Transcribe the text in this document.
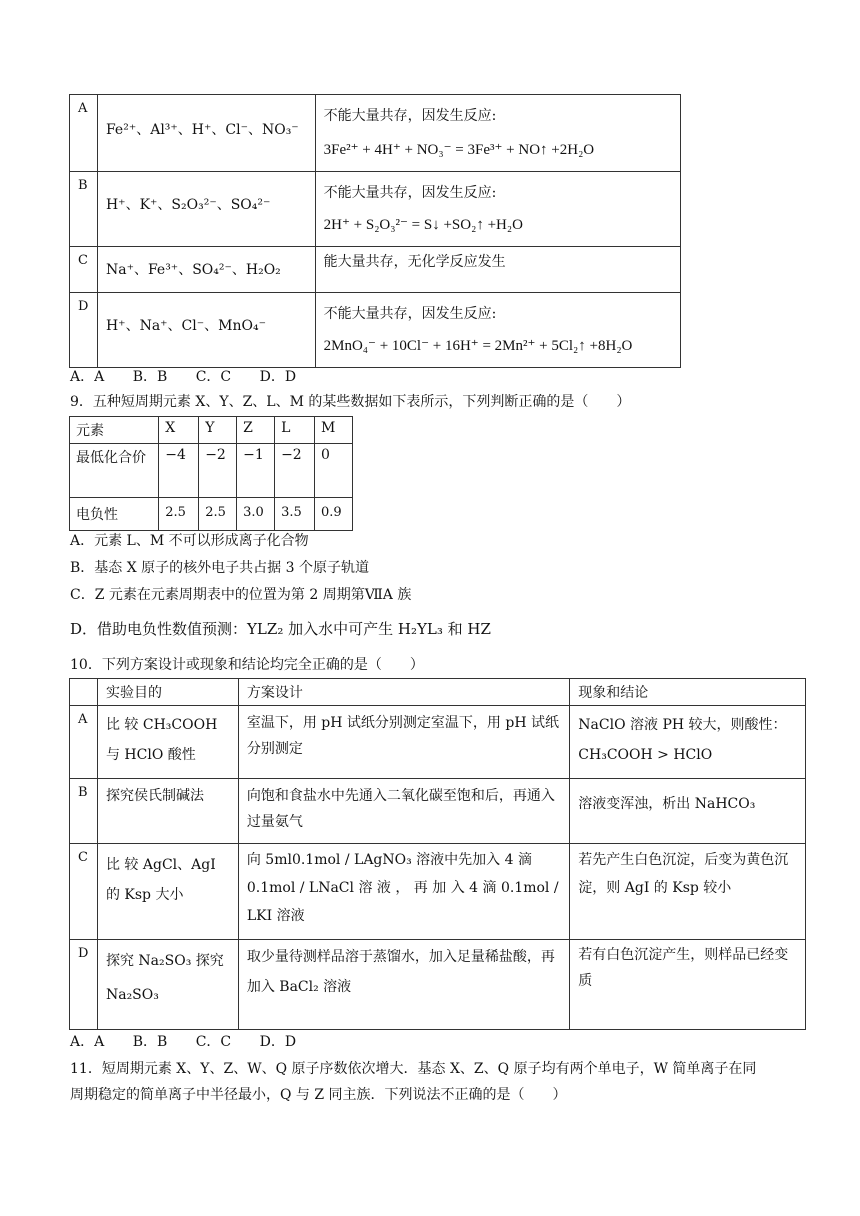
A	Fe²⁺、Al³⁺、H⁺、Cl⁻、NO₃⁻	不能大量共存，因发生反应:
3Fe²⁺ + 4H⁺ + NO₃⁻ = 3Fe³⁺ + NO↑ +2H₂O

B	H⁺、K⁺、S₂O₃²⁻、SO₄²⁻	不能大量共存，因发生反应:
2H⁺ + S₂O₃²⁻ = S↓ +SO₂↑ +H₂O

C	Na⁺、Fe³⁺、SO₄²⁻、H₂O₂	能大量共存，无化学反应发生
D	H⁺、Na⁺、Cl⁻、MnO₄⁻	不能大量共存，因发生反应:
2MnO₄⁻ + 10Cl⁻ + 16H⁺ = 2Mn²⁺ + 5Cl₂↑ +8H₂O
A．A B．B C．C D．D
9．五种短周期元素 X、Y、Z、L、M 的某些数据如下表所示，下列判断正确的是（　　）
元素	X	Y	Z	L	M
最低化合价	−4	−2	−1	−2	0
电负性	2.5	2.5	3.0	3.5	0.9
A．元素 L、M 不可以形成离子化合物
B．基态 X 原子的核外电子共占据 3 个原子轨道
C．Z 元素在元素周期表中的位置为第 2 周期第ⅦA 族
D．借助电负性数值预测：YLZ₂ 加入水中可产生 H₂YL₃ 和 HZ
10．下列方案设计或现象和结论均完全正确的是（　　）
	实验目的	方案设计	现象和结论
A	比 较 CH₃COOH 与 HClO 酸性	室温下，用 pH 试纸分别测定室温下，用 pH 试纸分别测定	NaClO 溶液 PH 较大，则酸性：CH₃COOH > HClO
B	探究侯氏制碱法	向饱和食盐水中先通入二氧化碳至饱和后，再通入过量氨气	溶液变浑浊，析出 NaHCO₃
C	比 较 AgCl、AgI 的 Ksp 大小	向 5ml0.1mol / LAgNO₃ 溶液中先加入 4 滴 0.1mol / LNaCl 溶 液 ， 再 加 入 4 滴 0.1mol / LKI 溶液	若先产生白色沉淀，后变为黄色沉淀，则 AgI 的 Ksp 较小
D	探究 Na₂SO₃ 探究 Na₂SO₃	取少量待测样品溶于蒸馏水，加入足量稀盐酸，再加入 BaCl₂ 溶液	若有白色沉淀产生，则样品已经变质
A．A B．B C．C D．D
11．短周期元素 X、Y、Z、W、Q 原子序数依次增大．基态 X、Z、Q 原子均有两个单电子，W 简单离子在同
周期稳定的简单离子中半径最小，Q 与 Z 同主族．下列说法不正确的是（　　）
